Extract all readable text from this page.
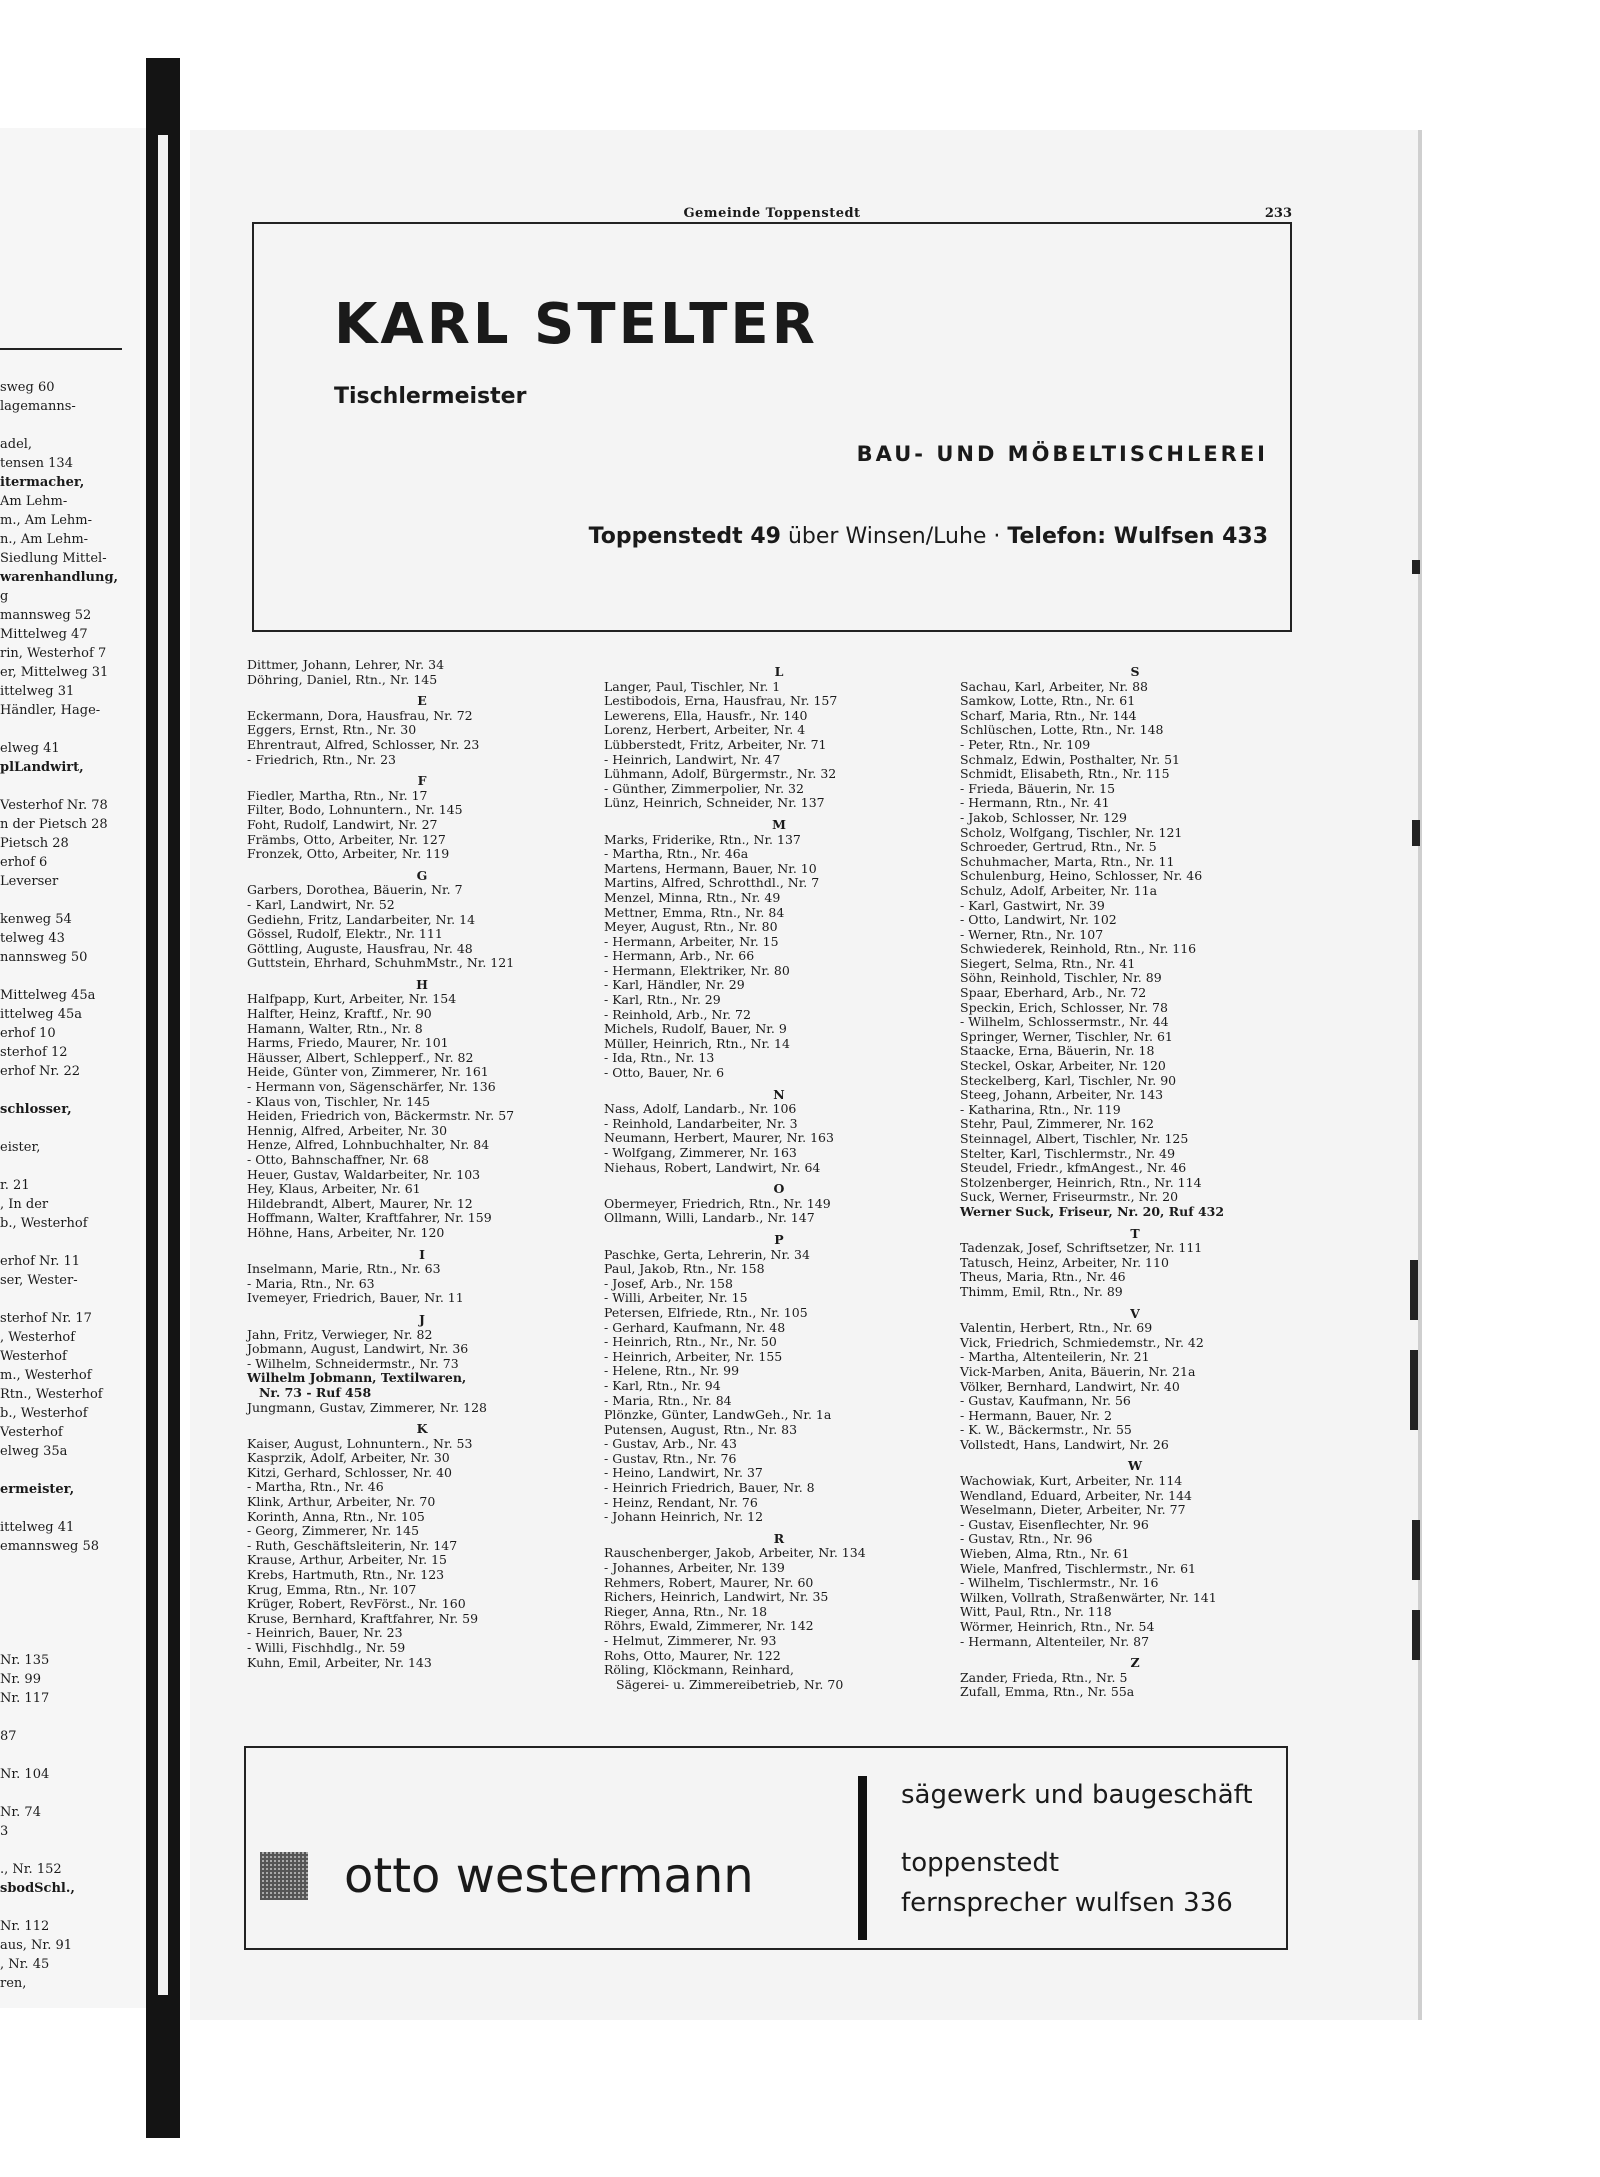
sweg 60
lagemanns-

adel,
tensen 134
itermacher,
Am Lehm-
m., Am Lehm-
n., Am Lehm-
Siedlung Mittel-
warenhandlung,
g
mannsweg 52
Mittelweg 47
rin, Westerhof 7
er, Mittelweg 31
ittelweg 31
Händler, Hage-

elweg 41
plLandwirt,

Vesterhof Nr. 78
n der Pietsch 28
Pietsch 28
erhof 6
Leverser

kenweg 54
telweg 43
nannsweg 50

Mittelweg 45a
ittelweg 45a
erhof 10
sterhof 12
erhof Nr. 22

schlosser,

eister,

r. 21
, In der
b., Westerhof

erhof Nr. 11
ser, Wester-

sterhof Nr. 17
, Westerhof
Westerhof
m., Westerhof
Rtn., Westerhof
b., Westerhof
Vesterhof
elweg 35a

ermeister,

ittelweg 41
emannsweg 58

Nr. 135
Nr. 99
Nr. 117

87

Nr. 104

Nr. 74
3

., Nr. 152
sbodSchl.,

Nr. 112
aus, Nr. 91
, Nr. 45
ren,
Gemeinde Toppenstedt	233
KARL STELTER
Tischlermeister
BAU- UND MÖBELTISCHLEREI
Toppenstedt 49 über Winsen/Luhe · Telefon: Wulfsen 433
Dittmer, Johann, Lehrer, Nr. 34
Döhring, Daniel, Rtn., Nr. 145
E
Eckermann, Dora, Hausfrau, Nr. 72
Eggers, Ernst, Rtn., Nr. 30
Ehrentraut, Alfred, Schlosser, Nr. 23
- Friedrich, Rtn., Nr. 23
F
Fiedler, Martha, Rtn., Nr. 17
Filter, Bodo, Lohnuntern., Nr. 145
Foht, Rudolf, Landwirt, Nr. 27
Främbs, Otto, Arbeiter, Nr. 127
Fronzek, Otto, Arbeiter, Nr. 119
G
Garbers, Dorothea, Bäuerin, Nr. 7
- Karl, Landwirt, Nr. 52
Gediehn, Fritz, Landarbeiter, Nr. 14
Gössel, Rudolf, Elektr., Nr. 111
Göttling, Auguste, Hausfrau, Nr. 48
Guttstein, Ehrhard, SchuhmMstr., Nr. 121
H
Halfpapp, Kurt, Arbeiter, Nr. 154
Halfter, Heinz, Kraftf., Nr. 90
Hamann, Walter, Rtn., Nr. 8
Harms, Friedo, Maurer, Nr. 101
Häusser, Albert, Schlepperf., Nr. 82
Heide, Günter von, Zimmerer, Nr. 161
- Hermann von, Sägenschärfer, Nr. 136
- Klaus von, Tischler, Nr. 145
Heiden, Friedrich von, Bäckermstr. Nr. 57
Hennig, Alfred, Arbeiter, Nr. 30
Henze, Alfred, Lohnbuchhalter, Nr. 84
- Otto, Bahnschaffner, Nr. 68
Heuer, Gustav, Waldarbeiter, Nr. 103
Hey, Klaus, Arbeiter, Nr. 61
Hildebrandt, Albert, Maurer, Nr. 12
Hoffmann, Walter, Kraftfahrer, Nr. 159
Höhne, Hans, Arbeiter, Nr. 120
I
Inselmann, Marie, Rtn., Nr. 63
- Maria, Rtn., Nr. 63
Ivemeyer, Friedrich, Bauer, Nr. 11
J
Jahn, Fritz, Verwieger, Nr. 82
Jobmann, August, Landwirt, Nr. 36
- Wilhelm, Schneidermstr., Nr. 73
Wilhelm Jobmann, Textilwaren,
Nr. 73 - Ruf 458
Jungmann, Gustav, Zimmerer, Nr. 128
K
Kaiser, August, Lohnuntern., Nr. 53
Kasprzik, Adolf, Arbeiter, Nr. 30
Kitzi, Gerhard, Schlosser, Nr. 40
- Martha, Rtn., Nr. 46
Klink, Arthur, Arbeiter, Nr. 70
Korinth, Anna, Rtn., Nr. 105
- Georg, Zimmerer, Nr. 145
- Ruth, Geschäftsleiterin, Nr. 147
Krause, Arthur, Arbeiter, Nr. 15
Krebs, Hartmuth, Rtn., Nr. 123
Krug, Emma, Rtn., Nr. 107
Krüger, Robert, RevFörst., Nr. 160
Kruse, Bernhard, Kraftfahrer, Nr. 59
- Heinrich, Bauer, Nr. 23
- Willi, Fischhdlg., Nr. 59
Kuhn, Emil, Arbeiter, Nr. 143
L
Langer, Paul, Tischler, Nr. 1
Lestibodois, Erna, Hausfrau, Nr. 157
Lewerens, Ella, Hausfr., Nr. 140
Lorenz, Herbert, Arbeiter, Nr. 4
Lübberstedt, Fritz, Arbeiter, Nr. 71
- Heinrich, Landwirt, Nr. 47
Lühmann, Adolf, Bürgermstr., Nr. 32
- Günther, Zimmerpolier, Nr. 32
Lünz, Heinrich, Schneider, Nr. 137
M
Marks, Friderike, Rtn., Nr. 137
- Martha, Rtn., Nr. 46a
Martens, Hermann, Bauer, Nr. 10
Martins, Alfred, Schrotthdl., Nr. 7
Menzel, Minna, Rtn., Nr. 49
Mettner, Emma, Rtn., Nr. 84
Meyer, August, Rtn., Nr. 80
- Hermann, Arbeiter, Nr. 15
- Hermann, Arb., Nr. 66
- Hermann, Elektriker, Nr. 80
- Karl, Händler, Nr. 29
- Karl, Rtn., Nr. 29
- Reinhold, Arb., Nr. 72
Michels, Rudolf, Bauer, Nr. 9
Müller, Heinrich, Rtn., Nr. 14
- Ida, Rtn., Nr. 13
- Otto, Bauer, Nr. 6
N
Nass, Adolf, Landarb., Nr. 106
- Reinhold, Landarbeiter, Nr. 3
Neumann, Herbert, Maurer, Nr. 163
- Wolfgang, Zimmerer, Nr. 163
Niehaus, Robert, Landwirt, Nr. 64
O
Obermeyer, Friedrich, Rtn., Nr. 149
Ollmann, Willi, Landarb., Nr. 147
P
Paschke, Gerta, Lehrerin, Nr. 34
Paul, Jakob, Rtn., Nr. 158
- Josef, Arb., Nr. 158
- Willi, Arbeiter, Nr. 15
Petersen, Elfriede, Rtn., Nr. 105
- Gerhard, Kaufmann, Nr. 48
- Heinrich, Rtn., Nr., Nr. 50
- Heinrich, Arbeiter, Nr. 155
- Helene, Rtn., Nr. 99
- Karl, Rtn., Nr. 94
- Maria, Rtn., Nr. 84
Plönzke, Günter, LandwGeh., Nr. 1a
Putensen, August, Rtn., Nr. 83
- Gustav, Arb., Nr. 43
- Gustav, Rtn., Nr. 76
- Heino, Landwirt, Nr. 37
- Heinrich Friedrich, Bauer, Nr. 8
- Heinz, Rendant, Nr. 76
- Johann Heinrich, Nr. 12
R
Rauschenberger, Jakob, Arbeiter, Nr. 134
- Johannes, Arbeiter, Nr. 139
Rehmers, Robert, Maurer, Nr. 60
Richers, Heinrich, Landwirt, Nr. 35
Rieger, Anna, Rtn., Nr. 18
Röhrs, Ewald, Zimmerer, Nr. 142
- Helmut, Zimmerer, Nr. 93
Rohs, Otto, Maurer, Nr. 122
Röling, Klöckmann, Reinhard,
Sägerei- u. Zimmereibetrieb, Nr. 70
S
Sachau, Karl, Arbeiter, Nr. 88
Samkow, Lotte, Rtn., Nr. 61
Scharf, Maria, Rtn., Nr. 144
Schlüschen, Lotte, Rtn., Nr. 148
- Peter, Rtn., Nr. 109
Schmalz, Edwin, Posthalter, Nr. 51
Schmidt, Elisabeth, Rtn., Nr. 115
- Frieda, Bäuerin, Nr. 15
- Hermann, Rtn., Nr. 41
- Jakob, Schlosser, Nr. 129
Scholz, Wolfgang, Tischler, Nr. 121
Schroeder, Gertrud, Rtn., Nr. 5
Schuhmacher, Marta, Rtn., Nr. 11
Schulenburg, Heino, Schlosser, Nr. 46
Schulz, Adolf, Arbeiter, Nr. 11a
- Karl, Gastwirt, Nr. 39
- Otto, Landwirt, Nr. 102
- Werner, Rtn., Nr. 107
Schwiederek, Reinhold, Rtn., Nr. 116
Siegert, Selma, Rtn., Nr. 41
Söhn, Reinhold, Tischler, Nr. 89
Spaar, Eberhard, Arb., Nr. 72
Speckin, Erich, Schlosser, Nr. 78
- Wilhelm, Schlossermstr., Nr. 44
Springer, Werner, Tischler, Nr. 61
Staacke, Erna, Bäuerin, Nr. 18
Steckel, Oskar, Arbeiter, Nr. 120
Steckelberg, Karl, Tischler, Nr. 90
Steeg, Johann, Arbeiter, Nr. 143
- Katharina, Rtn., Nr. 119
Stehr, Paul, Zimmerer, Nr. 162
Steinnagel, Albert, Tischler, Nr. 125
Stelter, Karl, Tischlermstr., Nr. 49
Steudel, Friedr., kfmAngest., Nr. 46
Stolzenberger, Heinrich, Rtn., Nr. 114
Suck, Werner, Friseurmstr., Nr. 20
Werner Suck, Friseur, Nr. 20, Ruf 432
T
Tadenzak, Josef, Schriftsetzer, Nr. 111
Tatusch, Heinz, Arbeiter, Nr. 110
Theus, Maria, Rtn., Nr. 46
Thimm, Emil, Rtn., Nr. 89
V
Valentin, Herbert, Rtn., Nr. 69
Vick, Friedrich, Schmiedemstr., Nr. 42
- Martha, Altenteilerin, Nr. 21
Vick-Marben, Anita, Bäuerin, Nr. 21a
Völker, Bernhard, Landwirt, Nr. 40
- Gustav, Kaufmann, Nr. 56
- Hermann, Bauer, Nr. 2
- K. W., Bäckermstr., Nr. 55
Vollstedt, Hans, Landwirt, Nr. 26
W
Wachowiak, Kurt, Arbeiter, Nr. 114
Wendland, Eduard, Arbeiter, Nr. 144
Weselmann, Dieter, Arbeiter, Nr. 77
- Gustav, Eisenflechter, Nr. 96
- Gustav, Rtn., Nr. 96
Wieben, Alma, Rtn., Nr. 61
Wiele, Manfred, Tischlermstr., Nr. 61
- Wilhelm, Tischlermstr., Nr. 16
Wilken, Vollrath, Straßenwärter, Nr. 141
Witt, Paul, Rtn., Nr. 118
Wörmer, Heinrich, Rtn., Nr. 54
- Hermann, Altenteiler, Nr. 87
Z
Zander, Frieda, Rtn., Nr. 5
Zufall, Emma, Rtn., Nr. 55a
otto westermann
sägewerk und baugeschäft
toppenstedt
fernsprecher wulfsen 336
